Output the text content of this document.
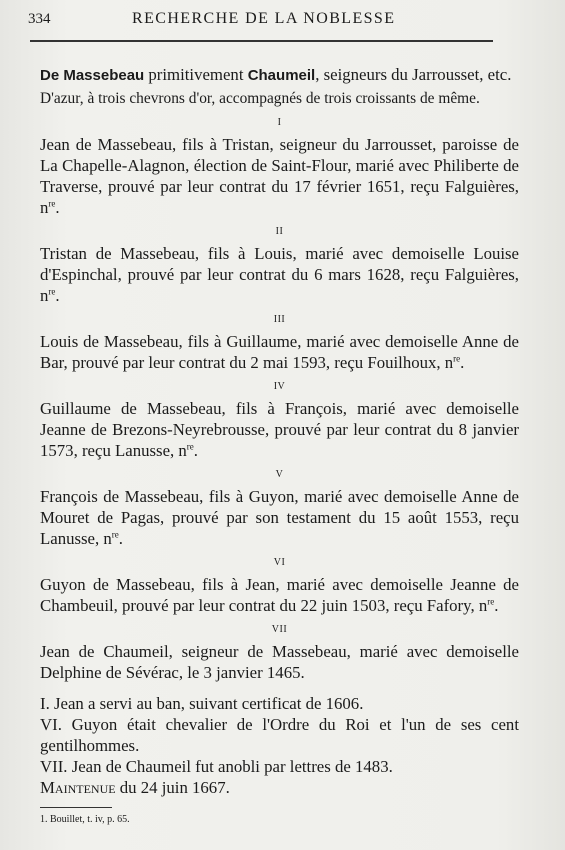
334	RECHERCHE DE LA NOBLESSE

De Massebeau primitivement Chaumeil, seigneurs du Jarrousset, etc.

D'azur, à trois chevrons d'or, accompagnés de trois croissants de même.

I

Jean de Massebeau, fils à Tristan, seigneur du Jarrousset, paroisse de La Chapelle-Alagnon, élection de Saint-Flour, marié avec Philiberte de Traverse, prouvé par leur contrat du 17 février 1651, reçu Falguières, $n^{re}$.

II

Tristan de Massebeau, fils à Louis, marié avec demoiselle Louise d'Espinchal, prouvé par leur contrat du 6 mars 1628, reçu Falguières, $n^{re}$.

III

Louis de Massebeau, fils à Guillaume, marié avec demoiselle Anne de Bar, prouvé par leur contrat du 2 mai 1593, reçu Fouilhoux, $n^{re}$.

IV

Guillaume de Massebeau, fils à François, marié avec demoiselle Jeanne de Brezons-Neyrebrousse, prouvé par leur contrat du 8 janvier 1573, reçu Lanusse, $n^{re}$.

V

François de Massebeau, fils à Guyon, marié avec demoiselle Anne de Mouret de Pagas, prouvé par son testament du 15 août 1553, reçu Lanusse, $n^{re}$.

VI

Guyon de Massebeau, fils à Jean, marié avec demoiselle Jeanne de Chambeuil, prouvé par leur contrat du 22 juin 1503, reçu Fafory, $n^{re}$.

VII

Jean de Chaumeil, seigneur de Massebeau, marié avec demoiselle Delphine de Sévérac, le 3 janvier 1465.

I. Jean a servi au ban, suivant certificat de 1606.

VI. Guyon était chevalier de l'Ordre du Roi et l'un de ses cent gentilhommes.

VII. Jean de Chaumeil fut anobli par lettres de 1483.

Maintenue du 24 juin 1667.

1. Bouillet, t. iv, p. 65.
